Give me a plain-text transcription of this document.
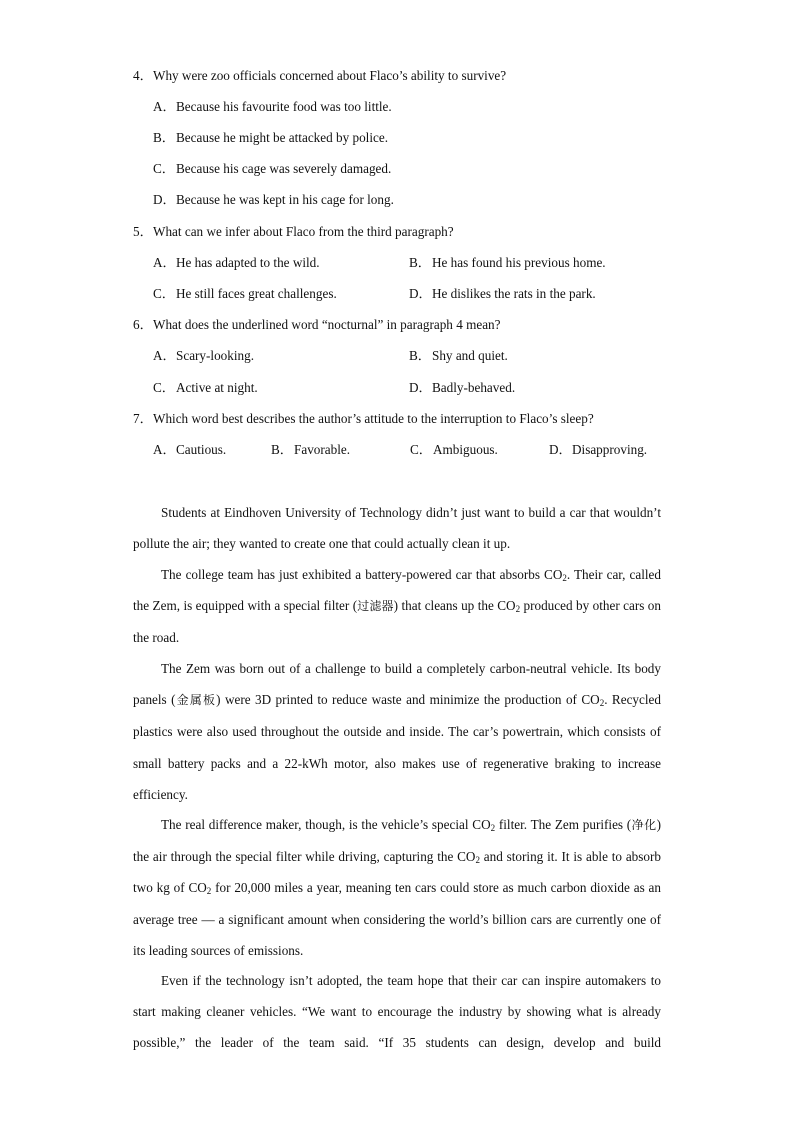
4．Why were zoo officials concerned about Flaco’s ability to survive?
A．Because his favourite food was too little.
B．Because he might be attacked by police.
C．Because his cage was severely damaged.
D．Because he was kept in his cage for long.
5．What can we infer about Flaco from the third paragraph?
A．He has adapted to the wild.	B．He has found his previous home.
C．He still faces great challenges.	D．He dislikes the rats in the park.
6．What does the underlined word “nocturnal” in paragraph 4 mean?
A．Scary-looking.	B．Shy and quiet.
C．Active at night.	D．Badly-behaved.
7．Which word best describes the author’s attitude to the interruption to Flaco’s sleep?
A．Cautious.	B．Favorable.	C．Ambiguous.	D．Disapproving.
Students at Eindhoven University of Technology didn’t just want to build a car that wouldn’t pollute the air; they wanted to create one that could actually clean it up.
The college team has just exhibited a battery-powered car that absorbs $CO_2$. Their car, called the Zem, is equipped with a special filter (过滤器) that cleans up the $CO_2$ produced by other cars on the road.
The Zem was born out of a challenge to build a completely carbon-neutral vehicle. Its body panels (金属板) were 3D printed to reduce waste and minimize the production of $CO_2$. Recycled plastics were also used throughout the outside and inside. The car’s powertrain, which consists of small battery packs and a 22-kWh motor, also makes use of regenerative braking to increase efficiency.
The real difference maker, though, is the vehicle’s special $CO_2$ filter. The Zem purifies (净化) the air through the special filter while driving, capturing the $CO_2$ and storing it. It is able to absorb two kg of $CO_2$ for 20,000 miles a year, meaning ten cars could store as much carbon dioxide as an average tree — a significant amount when considering the world’s billion cars are currently one of its leading sources of emissions.
Even if the technology isn’t adopted, the team hope that their car can inspire automakers to start making cleaner vehicles. “We want to encourage the industry by showing what is already possible,” the leader of the team said. “If 35 students can design, develop and build
